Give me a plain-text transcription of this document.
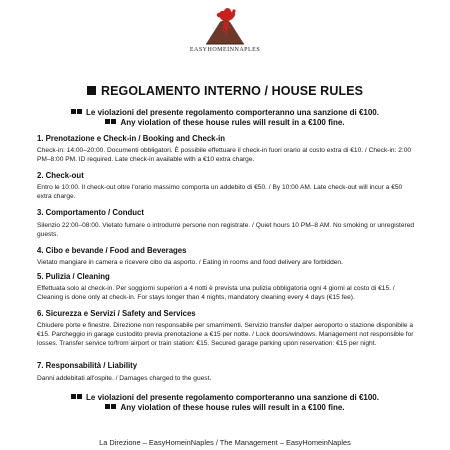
EASYHOMEINNAPLES
REGOLAMENTO INTERNO / HOUSE RULES
Le violazioni del presente regolamento comporteranno una sanzione di €100.
Any violation of these house rules will result in a €100 fine.
1. Prenotazione e Check-in / Booking and Check-in
Check-in: 14:00–20:00. Documenti obbligatori. È possibile effettuare il check-in fuori orario al costo extra di €10. / Check-in: 2:00 PM–8:00 PM. ID required. Late check-in available with a €10 extra charge.
2. Check-out
Entro le 10:00. Il check-out oltre l'orario massimo comporta un addebito di €50. / By 10:00 AM. Late check-out will incur a €50 extra charge.
3. Comportamento / Conduct
Silenzio 22:00–08:00. Vietato fumare o introdurre persone non registrate. / Quiet hours 10 PM–8 AM. No smoking or unregistered guests.
4. Cibo e bevande / Food and Beverages
Vietato mangiare in camera e ricevere cibo da asporto. / Eating in rooms and food delivery are forbidden.
5. Pulizia / Cleaning
Effettuata solo al check-in. Per soggiorni superiori a 4 notti è prevista una pulizia obbligatoria ogni 4 giorni al costo di €15. / Cleaning is done only at check-in. For stays longer than 4 nights, mandatory cleaning every 4 days (€15 fee).
6. Sicurezza e Servizi / Safety and Services
Chiudere porte e finestre. Direzione non responsabile per smarrimenti. Servizio transfer da/per aeroporto o stazione disponibile a €15. Parcheggio in garage custodito previa prenotazione a €15 per notte. / Lock doors/windows. Management not responsible for losses. Transfer service to/from airport or train station: €15. Secured garage parking upon reservation: €15 per night.
7. Responsabilità / Liability
Danni addebitati all'ospite. / Damages charged to the guest.
Le violazioni del presente regolamento comporteranno una sanzione di €100.
Any violation of these house rules will result in a €100 fine.
La Direzione – EasyHomeinNaples / The Management – EasyHomeinNaples
